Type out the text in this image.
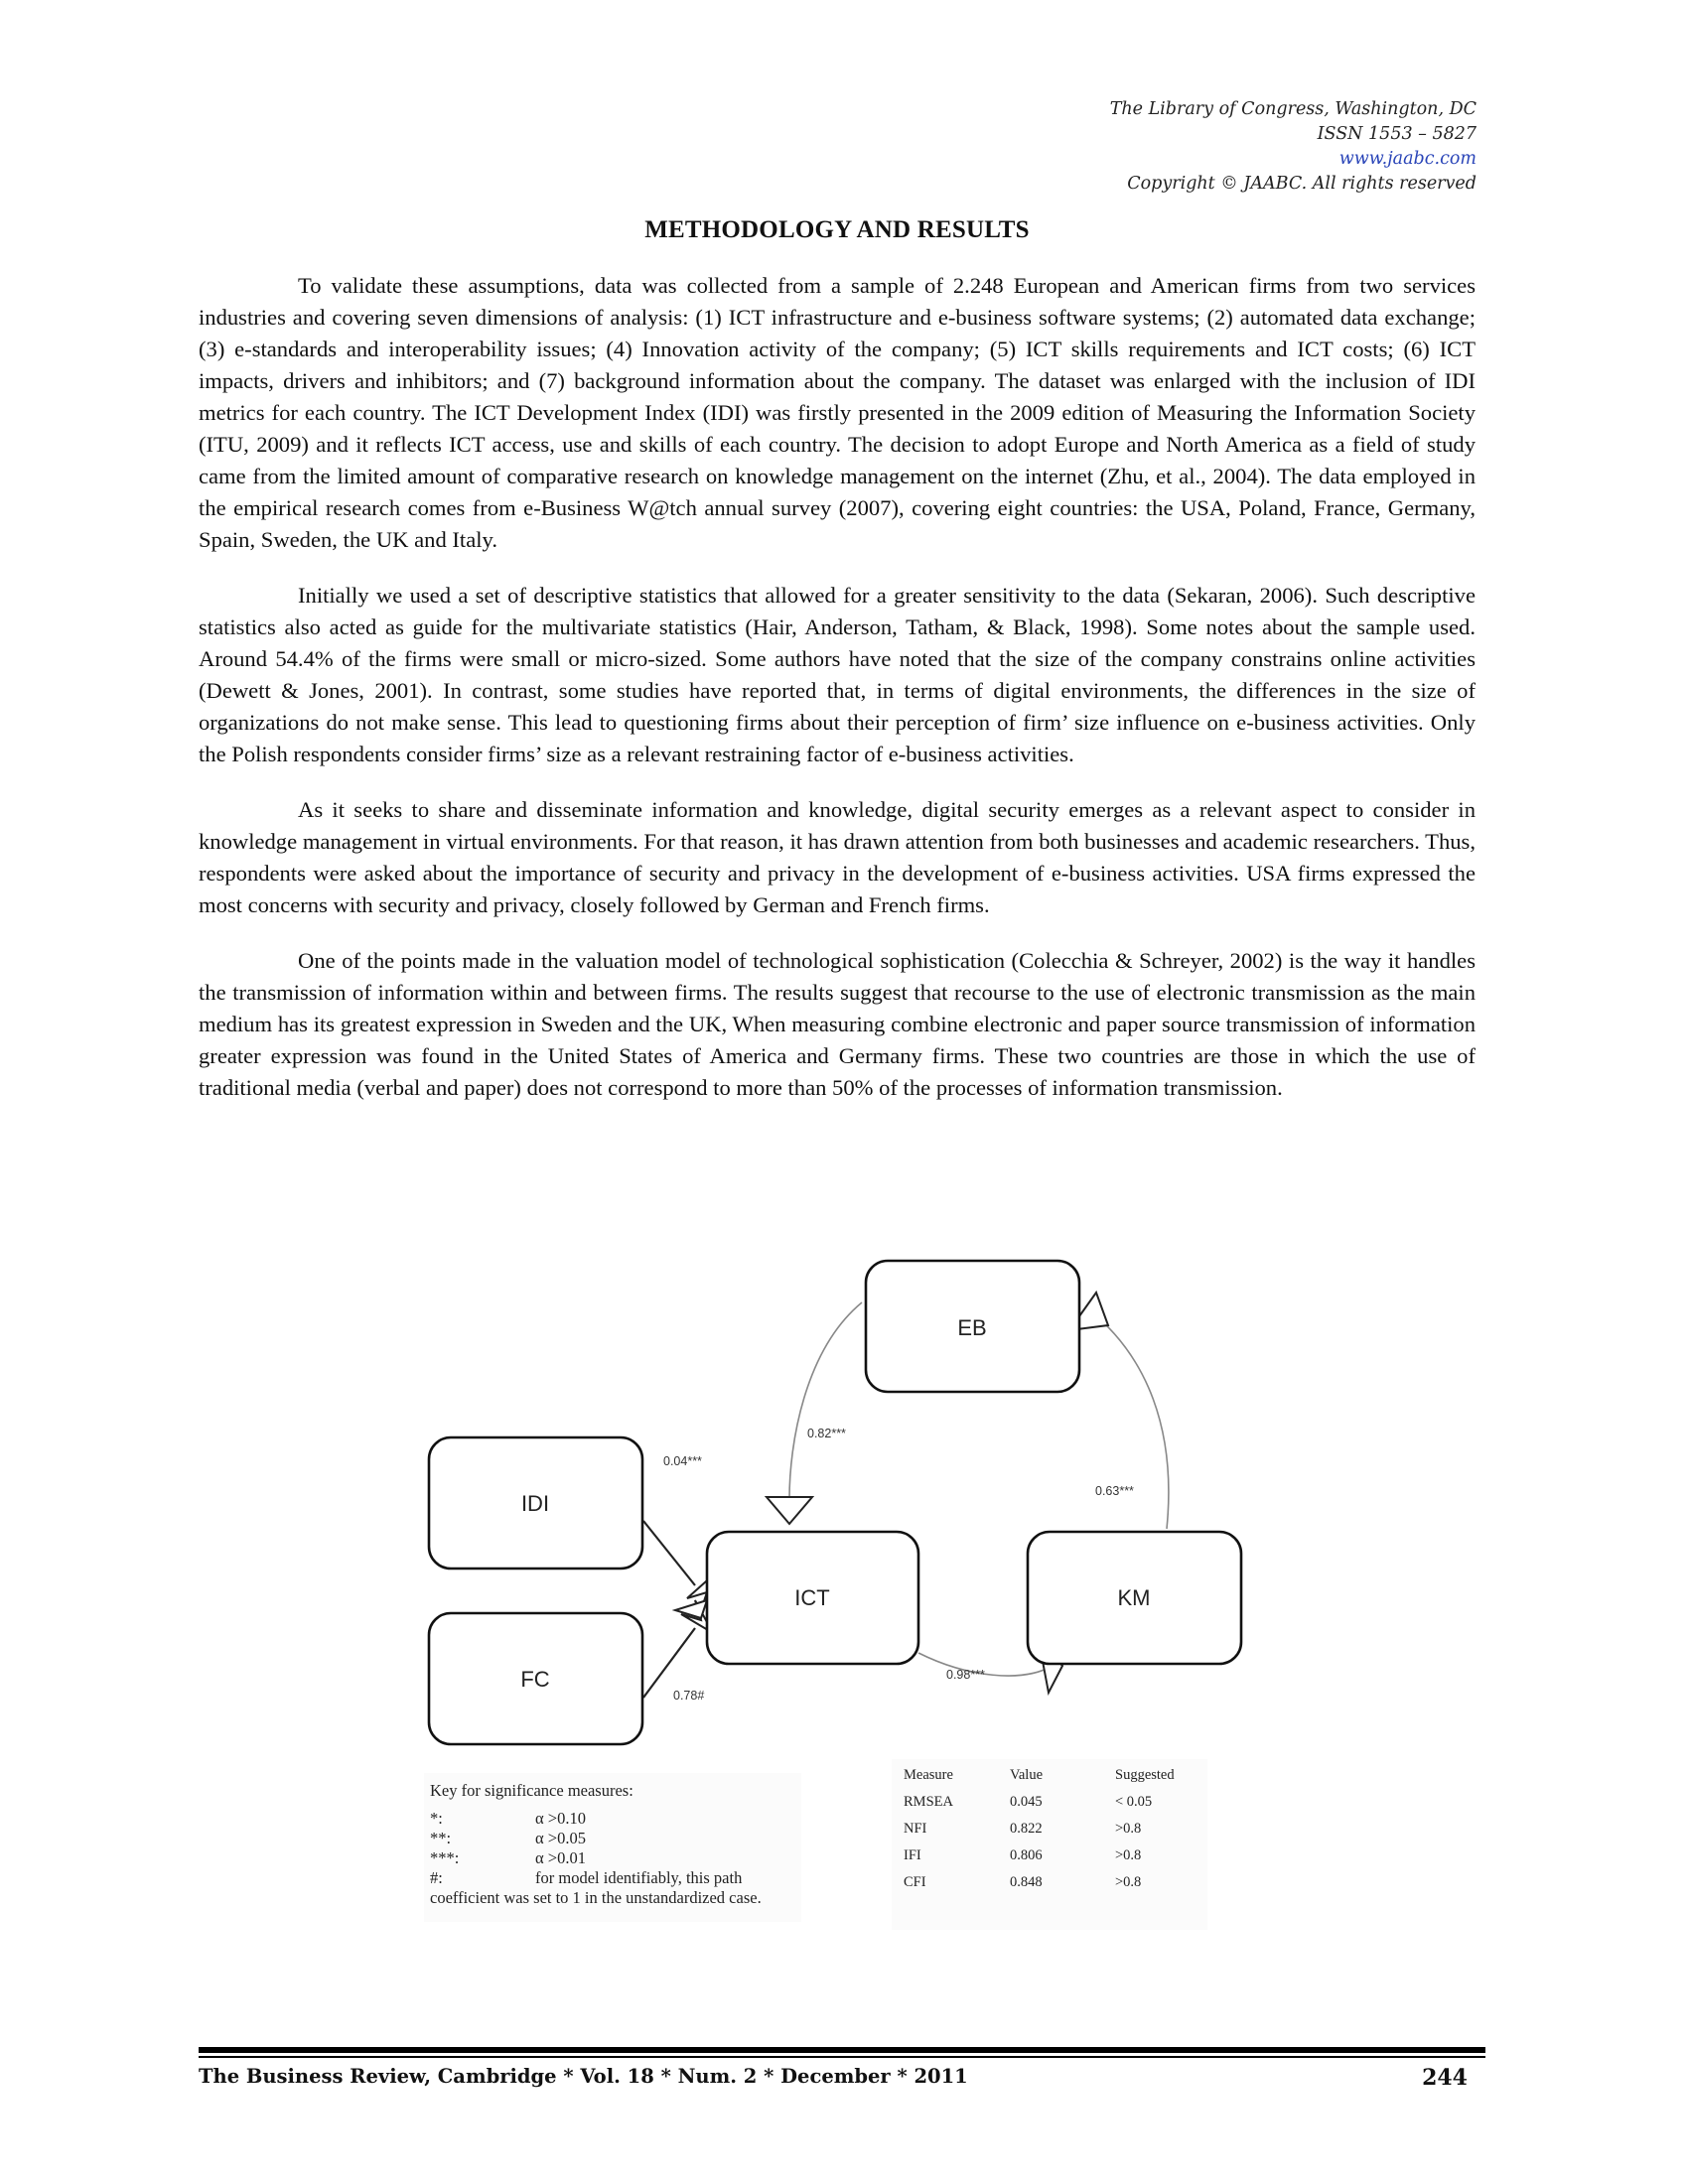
The Library of Congress, Washington, DC
ISSN 1553 – 5827
www.jaabc.com
Copyright © JAABC. All rights reserved
METHODOLOGY AND RESULTS

To validate these assumptions, data was collected from a sample of 2.248 European and American firms from two services industries and covering seven dimensions of analysis: (1) ICT infrastructure and e-business software systems; (2) automated data exchange; (3) e-standards and interoperability issues; (4) Innovation activity of the company; (5) ICT skills requirements and ICT costs; (6) ICT impacts, drivers and inhibitors; and (7) background information about the company. The dataset was enlarged with the inclusion of IDI metrics for each country. The ICT Development Index (IDI) was firstly presented in the 2009 edition of Measuring the Information Society (ITU, 2009) and it reflects ICT access, use and skills of each country. The decision to adopt Europe and North America as a field of study came from the limited amount of comparative research on knowledge management on the internet (Zhu, et al., 2004). The data employed in the empirical research comes from e-Business W@tch annual survey (2007), covering eight countries: the USA, Poland, France, Germany, Spain, Sweden, the UK and Italy.

Initially we used a set of descriptive statistics that allowed for a greater sensitivity to the data (Sekaran, 2006). Such descriptive statistics also acted as guide for the multivariate statistics (Hair, Anderson, Tatham, & Black, 1998). Some notes about the sample used. Around 54.4% of the firms were small or micro-sized. Some authors have noted that the size of the company constrains online activities (Dewett & Jones, 2001). In contrast, some studies have reported that, in terms of digital environments, the differences in the size of organizations do not make sense. This lead to questioning firms about their perception of firm’ size influence on e-business activities. Only the Polish respondents consider firms’ size as a relevant restraining factor of e-business activities.

As it seeks to share and disseminate information and knowledge, digital security emerges as a relevant aspect to consider in knowledge management in virtual environments. For that reason, it has drawn attention from both businesses and academic researchers. Thus, respondents were asked about the importance of security and privacy in the development of e-business activities. USA firms expressed the most concerns with security and privacy, closely followed by German and French firms.

One of the points made in the valuation model of technological sophistication (Colecchia & Schreyer, 2002) is the way it handles the transmission of information within and between firms. The results suggest that recourse to the use of electronic transmission as the main medium has its greatest expression in Sweden and the UK, When measuring combine electronic and paper source transmission of information greater expression was found in the United States of America and Germany firms. These two countries are those in which the use of traditional media (verbal and paper) does not correspond to more than 50% of the processes of information transmission.

EB
IDI
ICT	KM
FC
0.04***
0.82***
0.63***
0.98***
0.78#
Key for significance measures:
*:	α >0.10
**:	α >0.05
***:	α >0.01
#:	for model identifiably, this path
coefficient was set to 1 in the unstandardized case.
Measure	Value	Suggested
RMSEA	0.045	< 0.05
NFI	0.822	>0.8
IFI	0.806	>0.8
CFI	0.848	>0.8
The Business Review, Cambridge * Vol. 18 * Num. 2 * December * 2011	244
